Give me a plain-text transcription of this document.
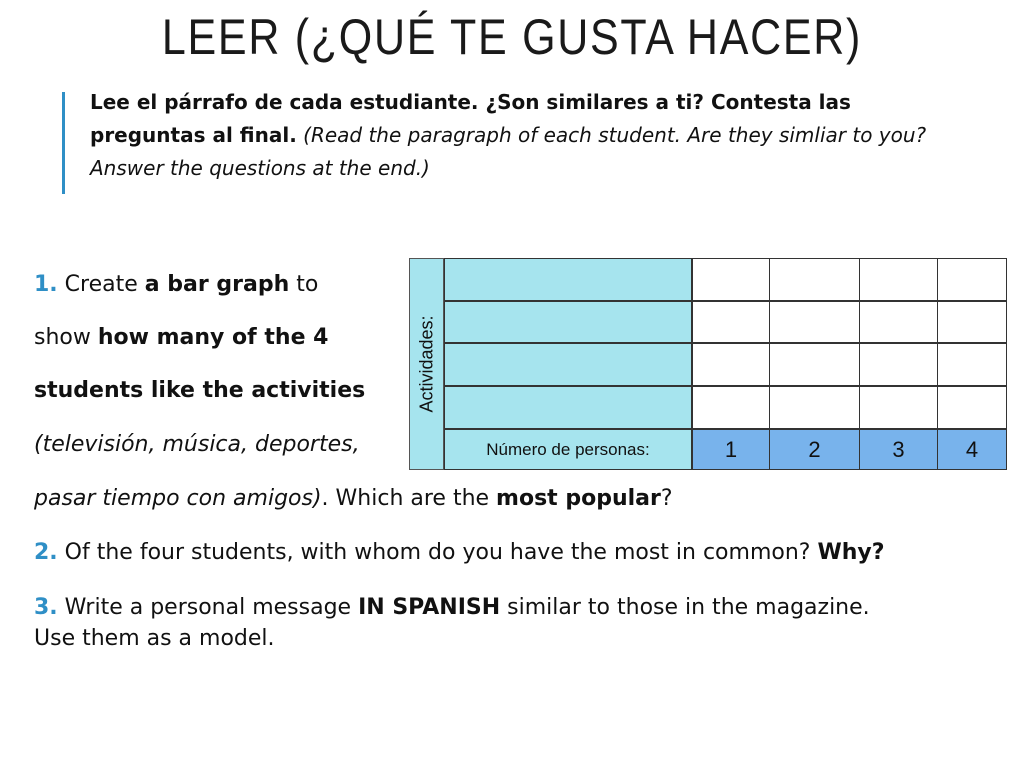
LEER (¿QUÉ TE GUSTA HACER)
Lee el párrafo de cada estudiante. ¿Son similares a ti? Contesta las preguntas al final. (Read the paragraph of each student. Are they simliar to you? Answer the questions at the end.)
1. Create a bar graph to
show how many of the 4
students like the activities
(televisión, música, deportes,
pasar tiempo con amigos). Which are the most popular?
2. Of the four students, with whom do you have the most in common? Why?
3. Write a personal message IN SPANISH similar to those in the magazine.
Use them as a model.
Actividades:
Número de personas:	1	2	3	4
